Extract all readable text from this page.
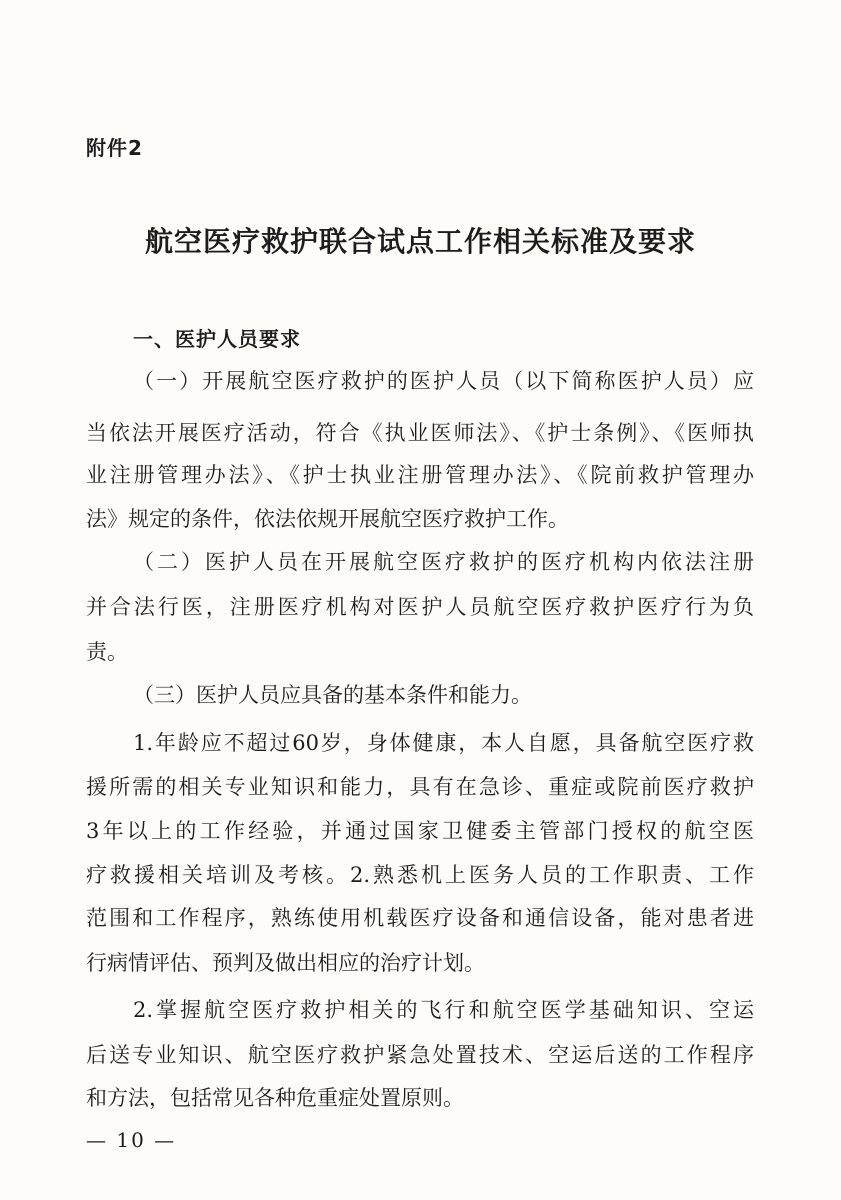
附件2
航空医疗救护联合试点工作相关标准及要求
一、医护人员要求
（一）开展航空医疗救护的医护人员（以下简称医护人员）应
当依法开展医疗活动，符合《执业医师法》、《护士条例》、《医师执
业注册管理办法》、《护士执业注册管理办法》、《院前救护管理办
法》规定的条件，依法依规开展航空医疗救护工作。
（二）医护人员在开展航空医疗救护的医疗机构内依法注册
并合法行医，注册医疗机构对医护人员航空医疗救护医疗行为负
责。
（三）医护人员应具备的基本条件和能力。
1.年龄应不超过60岁，身体健康，本人自愿，具备航空医疗救
援所需的相关专业知识和能力，具有在急诊、重症或院前医疗救护
3年以上的工作经验，并通过国家卫健委主管部门授权的航空医
疗救援相关培训及考核。2.熟悉机上医务人员的工作职责、工作
范围和工作程序，熟练使用机载医疗设备和通信设备，能对患者进
行病情评估、预判及做出相应的治疗计划。
2.掌握航空医疗救护相关的飞行和航空医学基础知识、空运
后送专业知识、航空医疗救护紧急处置技术、空运后送的工作程序
和方法，包括常见各种危重症处置原则。
— 10 —
